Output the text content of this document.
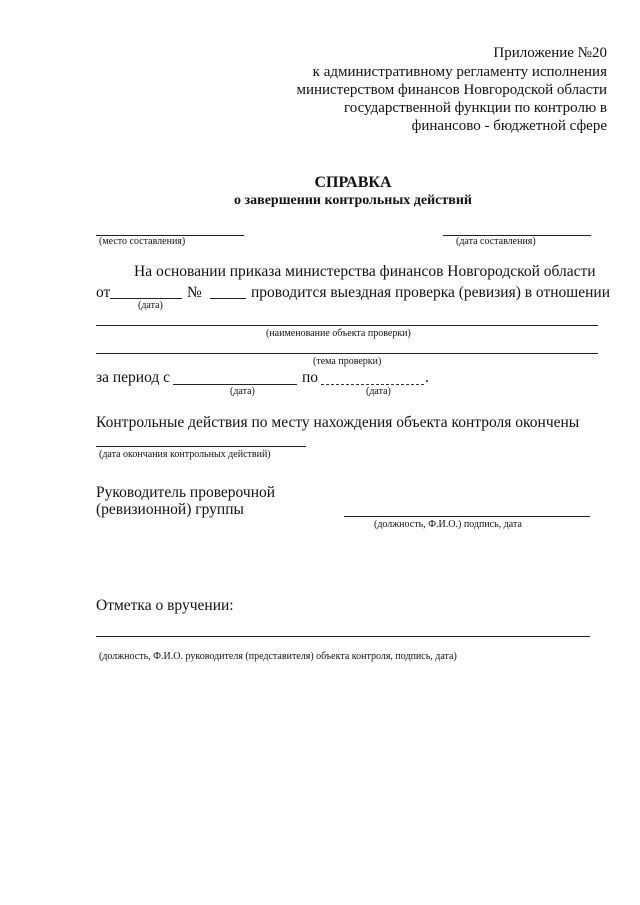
Приложение №20
к административному регламенту исполнения
министерством финансов Новгородской области
государственной функции по контролю в
финансово - бюджетной сфере
СПРАВКА
о завершении контрольных действий
(место составления)	(дата составления)
На основании приказа министерства финансов Новгородской области
от	№	проводится выездная проверка (ревизия) в отношении
(дата)
(наименование объекта проверки)
(тема проверки)
за период с	по	.
(дата)	(дата)
Контрольные действия по месту нахождения объекта контроля окончены
(дата окончания контрольных действий)
Руководитель проверочной
(ревизионной) группы
(должность, Ф.И.О.) подпись, дата
Отметка о вручении:
(должность, Ф.И.О. руководителя (представителя) объекта контроля, подпись, дата)
